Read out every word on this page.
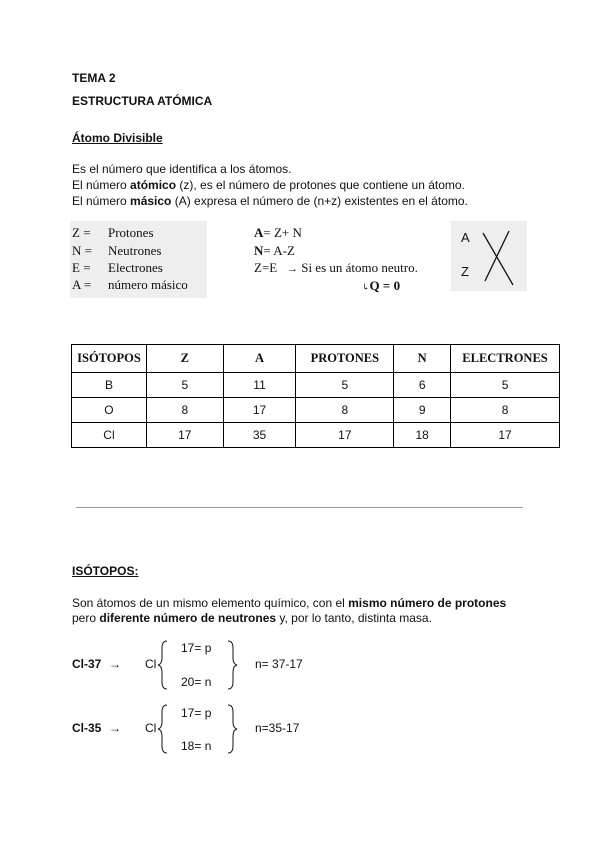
TEMA 2
ESTRUCTURA ATÓMICA
Átomo Divisible
Es el número que identifica a los átomos.
El número atómico (z), es el número de protones que contiene un átomo.
El número másico (A) expresa el número de (n+z) existentes en el átomo.
Z = Protones
N = Neutrones
E = Electrones
A = número másico
A= Z+ N
N= A-Z
Z=E → Si es un átomo neutro.
↳Q = 0
A
Z
ISÓTOPOS	Z	A	PROTONES	N	ELECTRONES
B	5	11	5	6	5
O	8	17	8	9	8
Cl	17	35	17	18	17
ISÓTOPOS:
Son átomos de un mismo elemento químico, con el mismo número de protones
pero diferente número de neutrones y, por lo tanto, distinta masa.
Cl-37 → Cl
17= p
20= n
n= 37-17
Cl-35 → Cl
17= p
18= n
n=35-17
